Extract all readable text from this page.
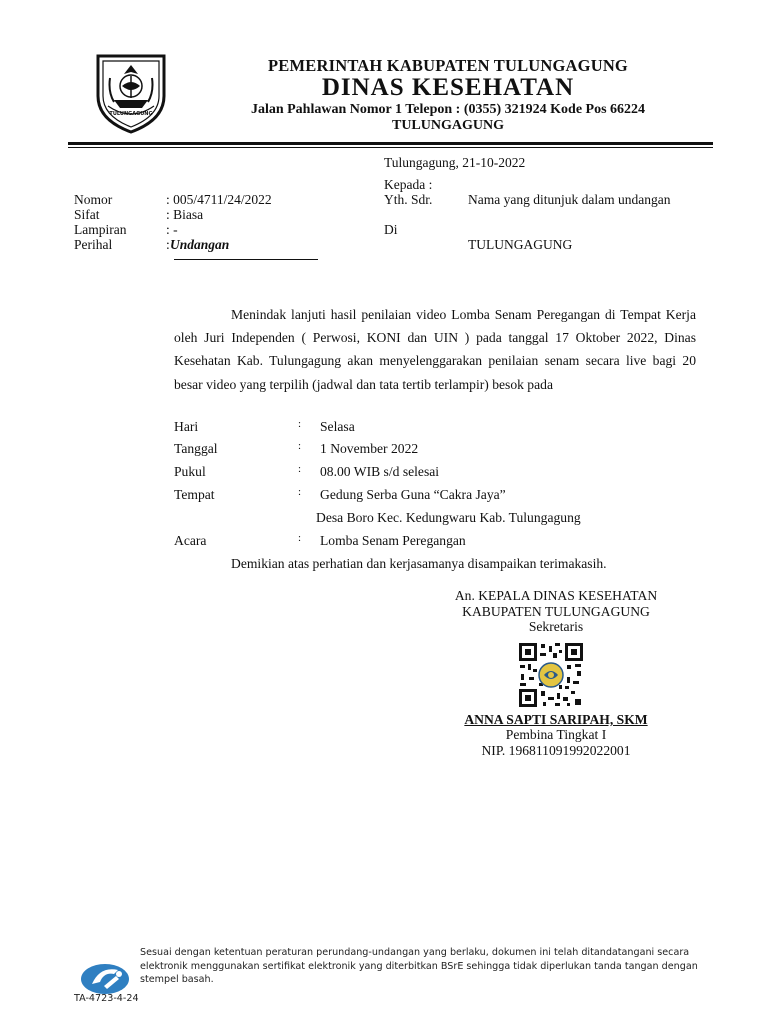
TULUNGAGUNG
PEMERINTAH KABUPATEN TULUNGAGUNG
DINAS KESEHATAN
Jalan Pahlawan Nomor 1 Telepon : (0355) 321924 Kode Pos 66224
TULUNGAGUNG
Tulungagung, 21-10-2022
Kepada :
Yth. Sdr.	Nama yang ditunjuk dalam undangan
Di
TULUNGAGUNG
Nomor	: 005/4711/24/2022
Sifat	: Biasa
Lampiran	: -
Perihal	: Undangan
Menindak lanjuti hasil penilaian video Lomba Senam Peregangan di Tempat Kerja oleh Juri Independen ( Perwosi, KONI dan UIN ) pada tanggal 17 Oktober 2022, Dinas Kesehatan Kab. Tulungagung akan menyelenggarakan penilaian senam secara live bagi 20 besar video yang terpilih (jadwal dan tata tertib terlampir) besok pada
Hari	: Selasa
Tanggal	: 1 November 2022
Pukul	: 08.00 WIB s/d selesai
Tempat	: Gedung Serba Guna “Cakra Jaya”
Desa Boro Kec. Kedungwaru Kab. Tulungagung
Acara	: Lomba Senam Peregangan
Demikian atas perhatian dan kerjasamanya disampaikan terimakasih.
An. KEPALA DINAS KESEHATAN
KABUPATEN TULUNGAGUNG
Sekretaris
ANNA SAPTI SARIPAH, SKM
Pembina Tingkat I
NIP. 196811091992022001
Sesuai dengan ketentuan peraturan perundang-undangan yang berlaku, dokumen ini telah ditandatangani secara elektronik menggunakan sertifikat elektronik yang diterbitkan BSrE sehingga tidak diperlukan tanda tangan dengan stempel basah.
TA-4723-4-24
